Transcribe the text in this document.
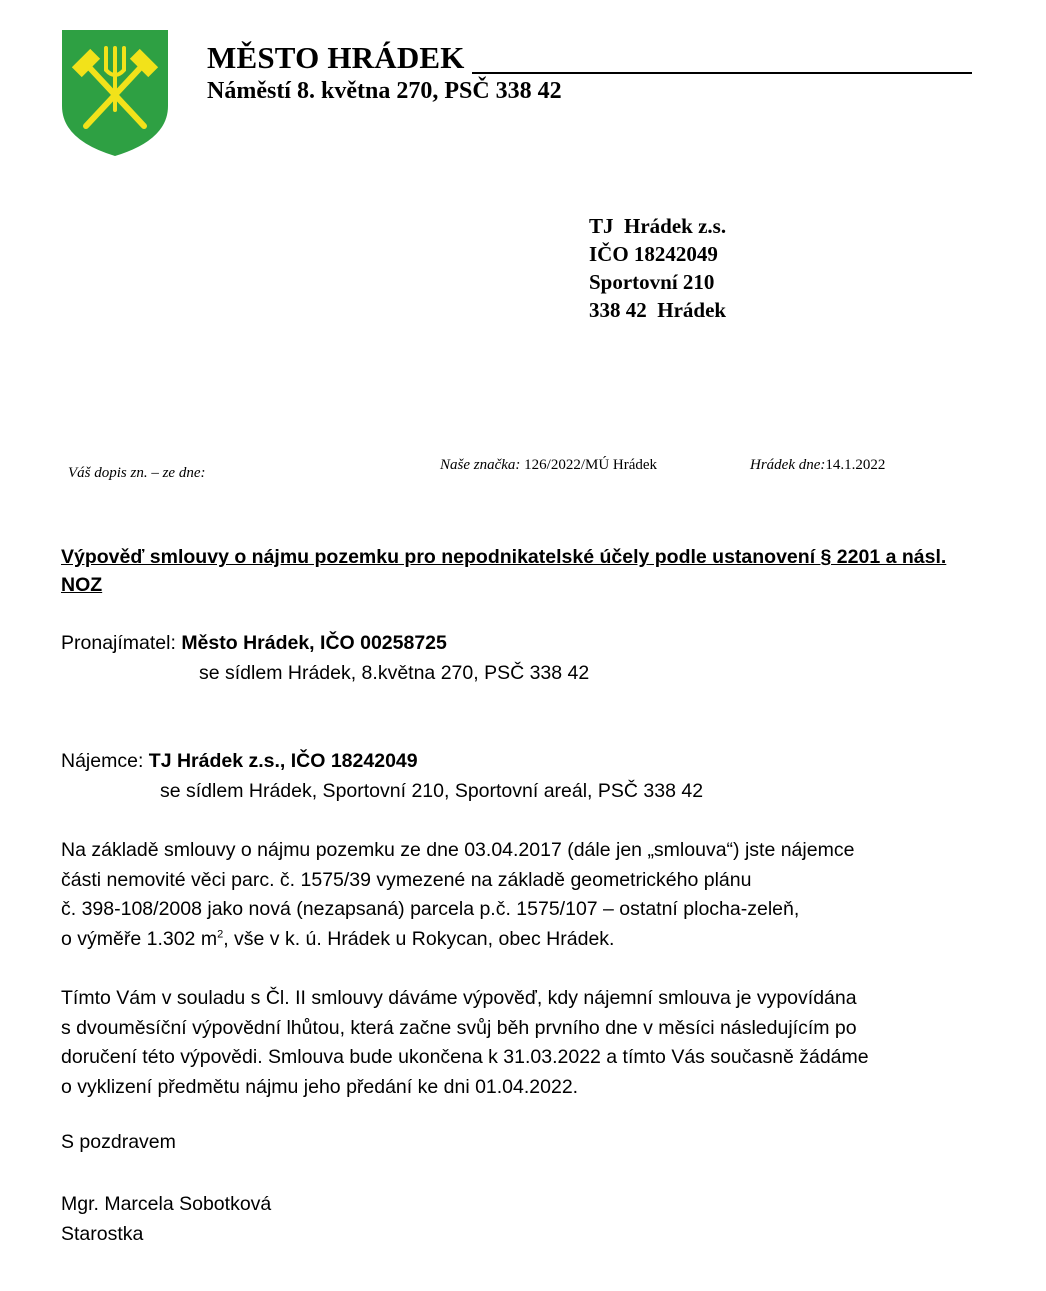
MĚSTO HRÁDEK
Náměstí 8. května 270, PSČ 338 42
TJ  Hrádek z.s.
IČO 18242049
Sportovní 210
338 42  Hrádek
Váš dopis zn. – ze dne:	Naše značka: 126/2022/MÚ Hrádek	Hrádek dne:14.1.2022
Výpověď smlouvy o nájmu pozemku pro nepodnikatelské účely podle ustanovení § 2201 a násl. NOZ
Pronajímatel: Město Hrádek, IČO 00258725
se sídlem Hrádek, 8.května 270, PSČ 338 42
Nájemce: TJ Hrádek z.s., IČO 18242049
se sídlem Hrádek, Sportovní 210, Sportovní areál, PSČ 338 42
Na základě smlouvy o nájmu pozemku ze dne 03.04.2017 (dále jen „smlouva“) jste nájemce
části nemovité věci parc. č. 1575/39 vymezené na základě geometrického plánu
č. 398-108/2008 jako nová (nezapsaná) parcela p.č. 1575/107 – ostatní plocha-zeleň,
o výměře 1.302 $m^2$, vše v k. ú. Hrádek u Rokycan, obec Hrádek.
Tímto Vám v souladu s Čl. II smlouvy dáváme výpověď, kdy nájemní smlouva je vypovídána
s dvouměsíční výpovědní lhůtou, která začne svůj běh prvního dne v měsíci následujícím po
doručení této výpovědi. Smlouva bude ukončena k 31.03.2022 a tímto Vás současně žádáme
o vyklizení předmětu nájmu jeho předání ke dni 01.04.2022.
S pozdravem
Mgr. Marcela Sobotková
Starostka
